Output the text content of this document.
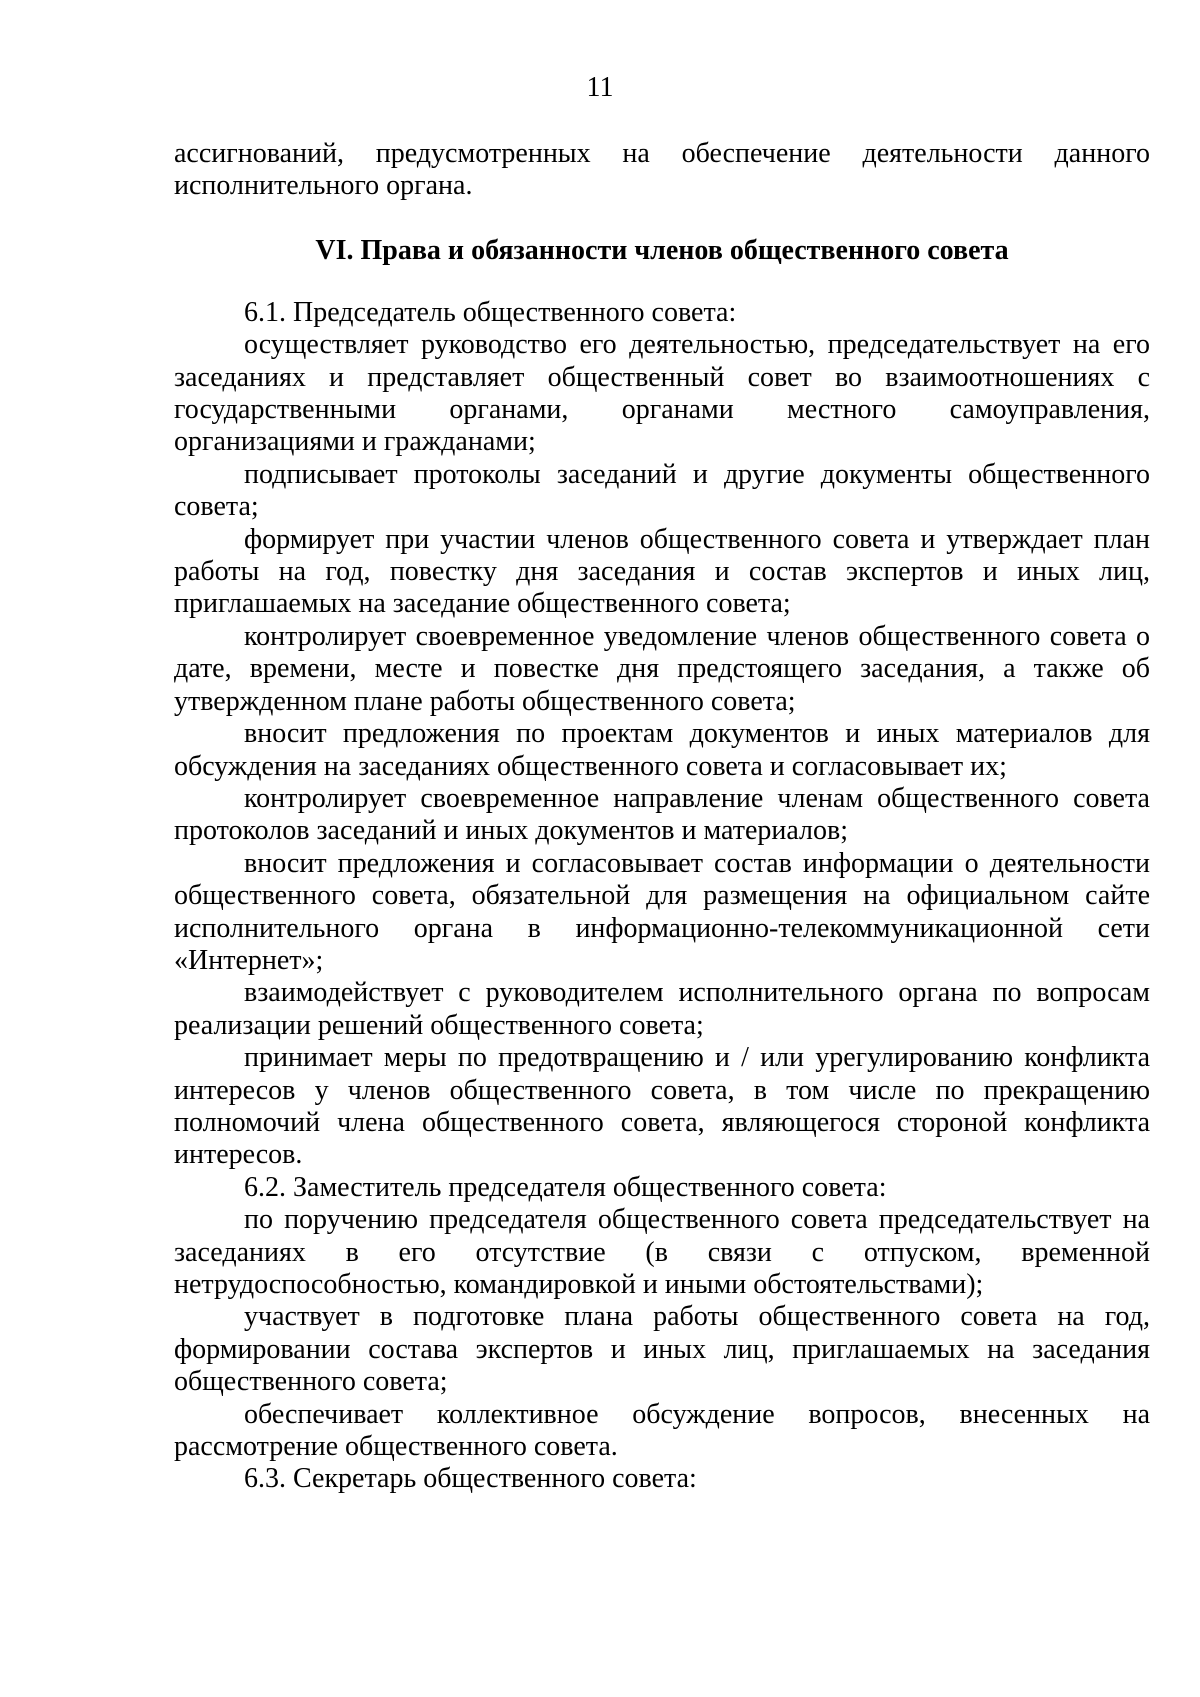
11

ассигнований, предусмотренных на обеспечение деятельности данного исполнительного органа.

VI. Права и обязанности членов общественного совета

6.1. Председатель общественного совета:

осуществляет руководство его деятельностью, председательствует на его заседаниях и представляет общественный совет во взаимоотношениях с государственными органами, органами местного самоуправления, организациями и гражданами;

подписывает протоколы заседаний и другие документы общественного совета;

формирует при участии членов общественного совета и утверждает план работы на год, повестку дня заседания и состав экспертов и иных лиц, приглашаемых на заседание общественного совета;

контролирует своевременное уведомление членов общественного совета о дате, времени, месте и повестке дня предстоящего заседания, а также об утвержденном плане работы общественного совета;

вносит предложения по проектам документов и иных материалов для обсуждения на заседаниях общественного совета и согласовывает их;

контролирует своевременное направление членам общественного совета протоколов заседаний и иных документов и материалов;

вносит предложения и согласовывает состав информации о деятельности общественного совета, обязательной для размещения на официальном сайте исполнительного органа в информационно-телекоммуникационной сети «Интернет»;

взаимодействует с руководителем исполнительного органа по вопросам реализации решений общественного совета;

принимает меры по предотвращению и / или урегулированию конфликта интересов у членов общественного совета, в том числе по прекращению полномочий члена общественного совета, являющегося стороной конфликта интересов.

6.2. Заместитель председателя общественного совета:

по поручению председателя общественного совета председательствует на заседаниях в его отсутствие (в связи с отпуском, временной нетрудоспособностью, командировкой и иными обстоятельствами);

участвует в подготовке плана работы общественного совета на год, формировании состава экспертов и иных лиц, приглашаемых на заседания общественного совета;

обеспечивает коллективное обсуждение вопросов, внесенных на рассмотрение общественного совета.

6.3. Секретарь общественного совета:
